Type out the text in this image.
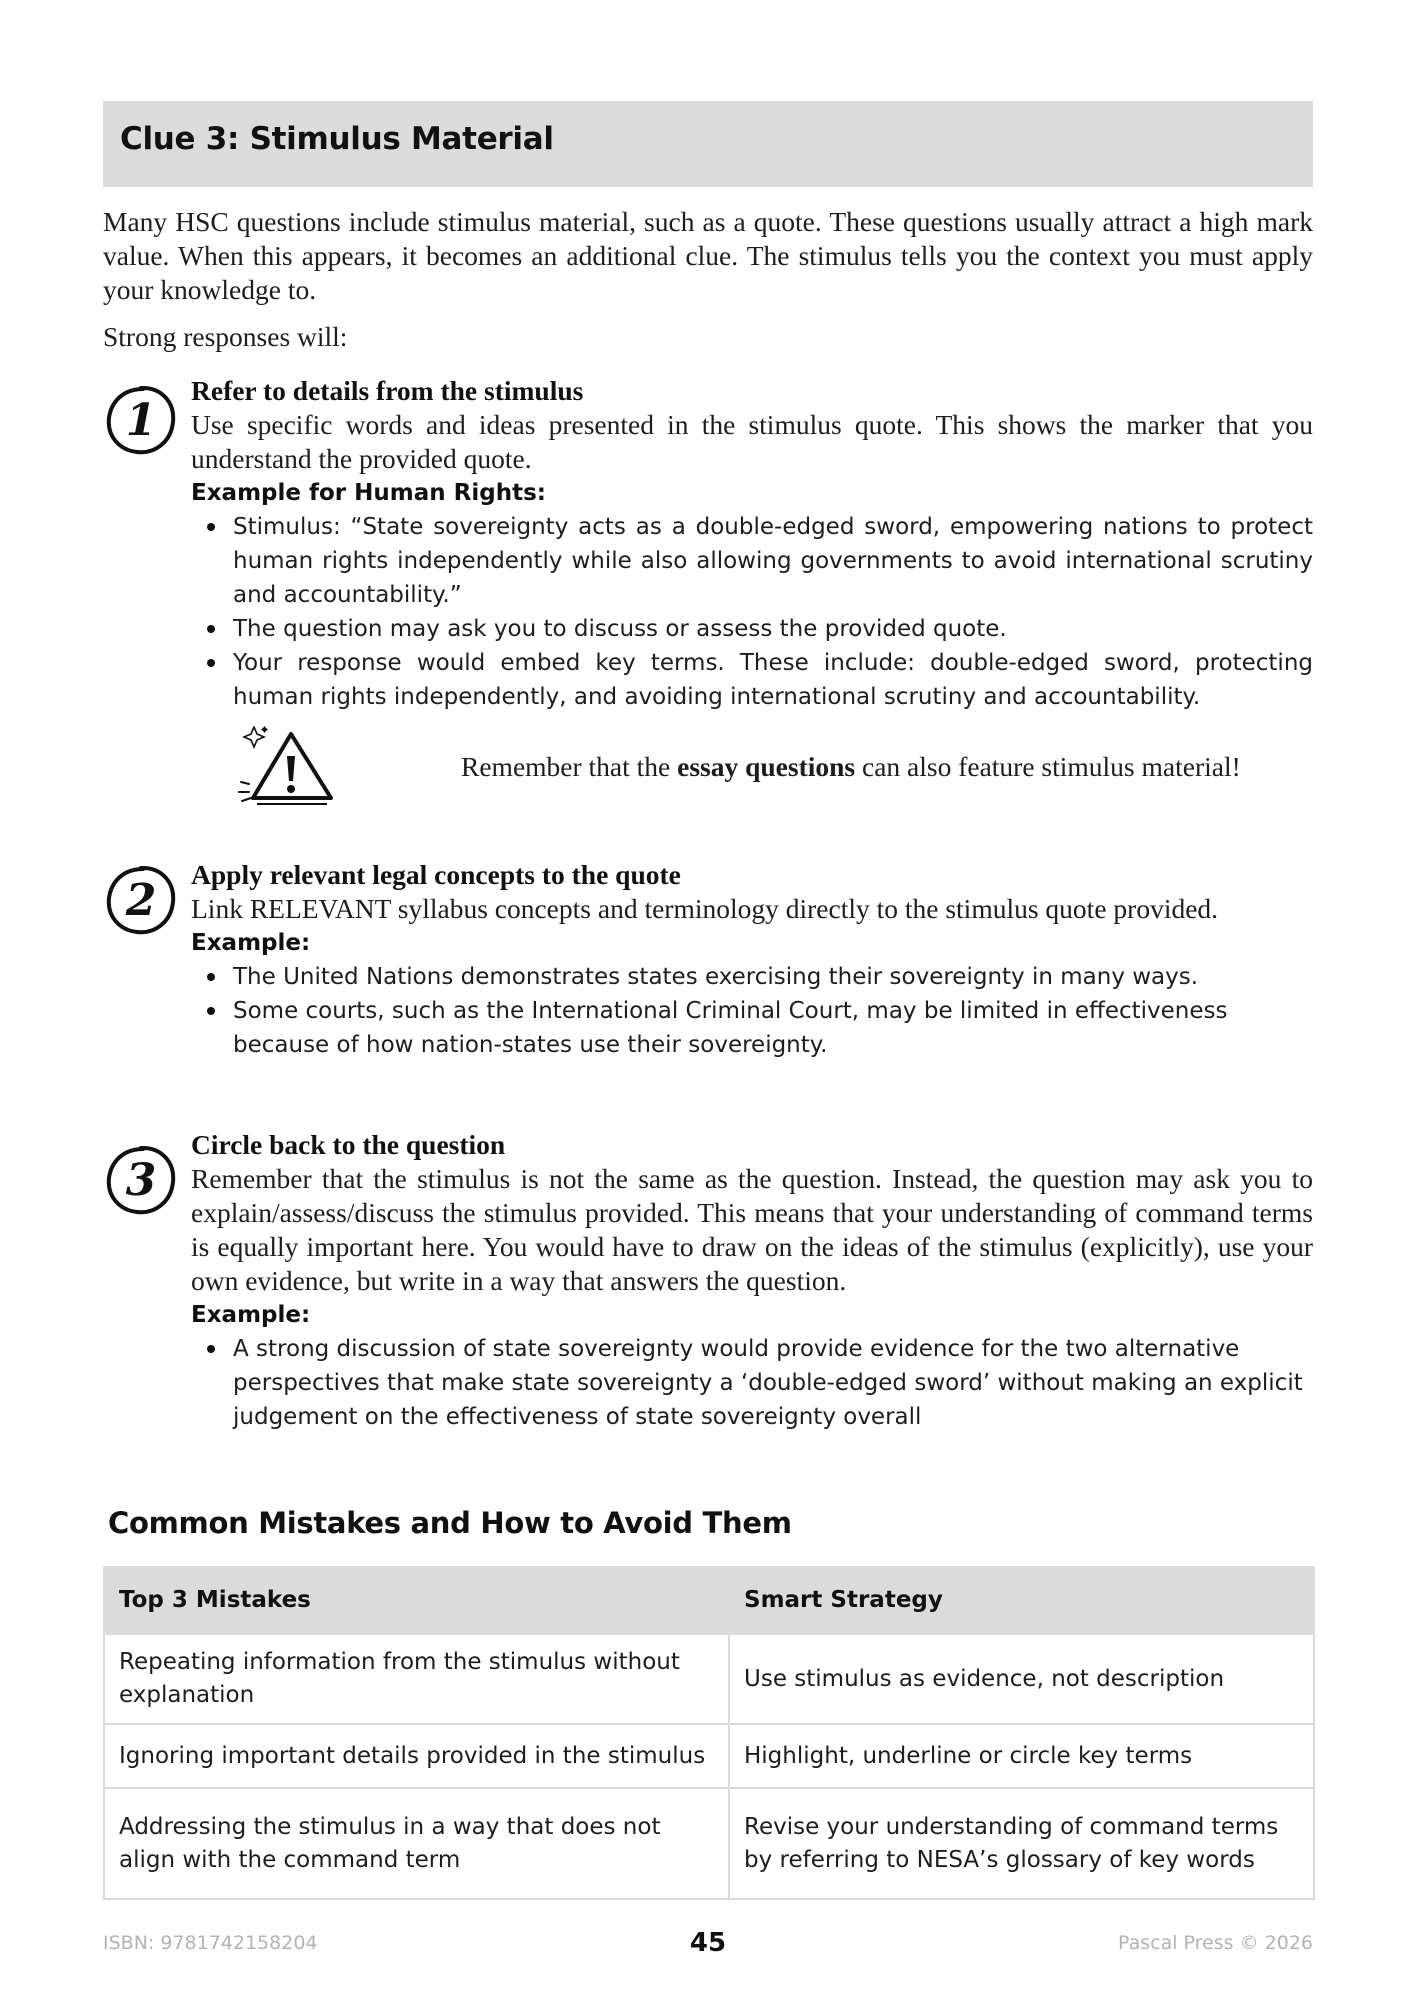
Clue 3: Stimulus Material

Many HSC questions include stimulus material, such as a quote. These questions usually attract a high mark value. When this appears, it becomes an additional clue. The stimulus tells you the context you must apply your knowledge to.

Strong responses will:

1
Refer to details from the stimulus

Use specific words and ideas presented in the stimulus quote. This shows the marker that you understand the provided quote.

Example for Human Rights:
Stimulus: “State sovereignty acts as a double-edged sword, empowering nations to protect human rights independently while also allowing governments to avoid international scrutiny and accountability.”
The question may ask you to discuss or assess the provided quote.
Your response would embed key terms. These include: double-edged sword, protecting human rights independently, and avoiding international scrutiny and accountability.
Remember that the essay questions can also feature stimulus material!
2
Apply relevant legal concepts to the quote

Link RELEVANT syllabus concepts and terminology directly to the stimulus quote provided.

Example:
The United Nations demonstrates states exercising their sovereignty in many ways.
Some courts, such as the International Criminal Court, may be limited in effectiveness because of how nation-states use their sovereignty.
3
Circle back to the question

Remember that the stimulus is not the same as the question. Instead, the question may ask you to explain/assess/discuss the stimulus provided. This means that your understanding of command terms is equally important here. You would have to draw on the ideas of the stimulus (explicitly), use your own evidence, but write in a way that answers the question.

Example:
A strong discussion of state sovereignty would provide evidence for the two alternative perspectives that make state sovereignty a ‘double-edged sword’ without making an explicit judgement on the effectiveness of state sovereignty overall
Common Mistakes and How to Avoid Them
Top 3 Mistakes	Smart Strategy
Repeating information from the stimulus without explanation	Use stimulus as evidence, not description
Ignoring important details provided in the stimulus	Highlight, underline or circle key terms
Addressing the stimulus in a way that does not align with the command term	Revise your understanding of command terms by referring to NESA’s glossary of key words
ISBN: 9781742158204	45	Pascal Press © 2026
